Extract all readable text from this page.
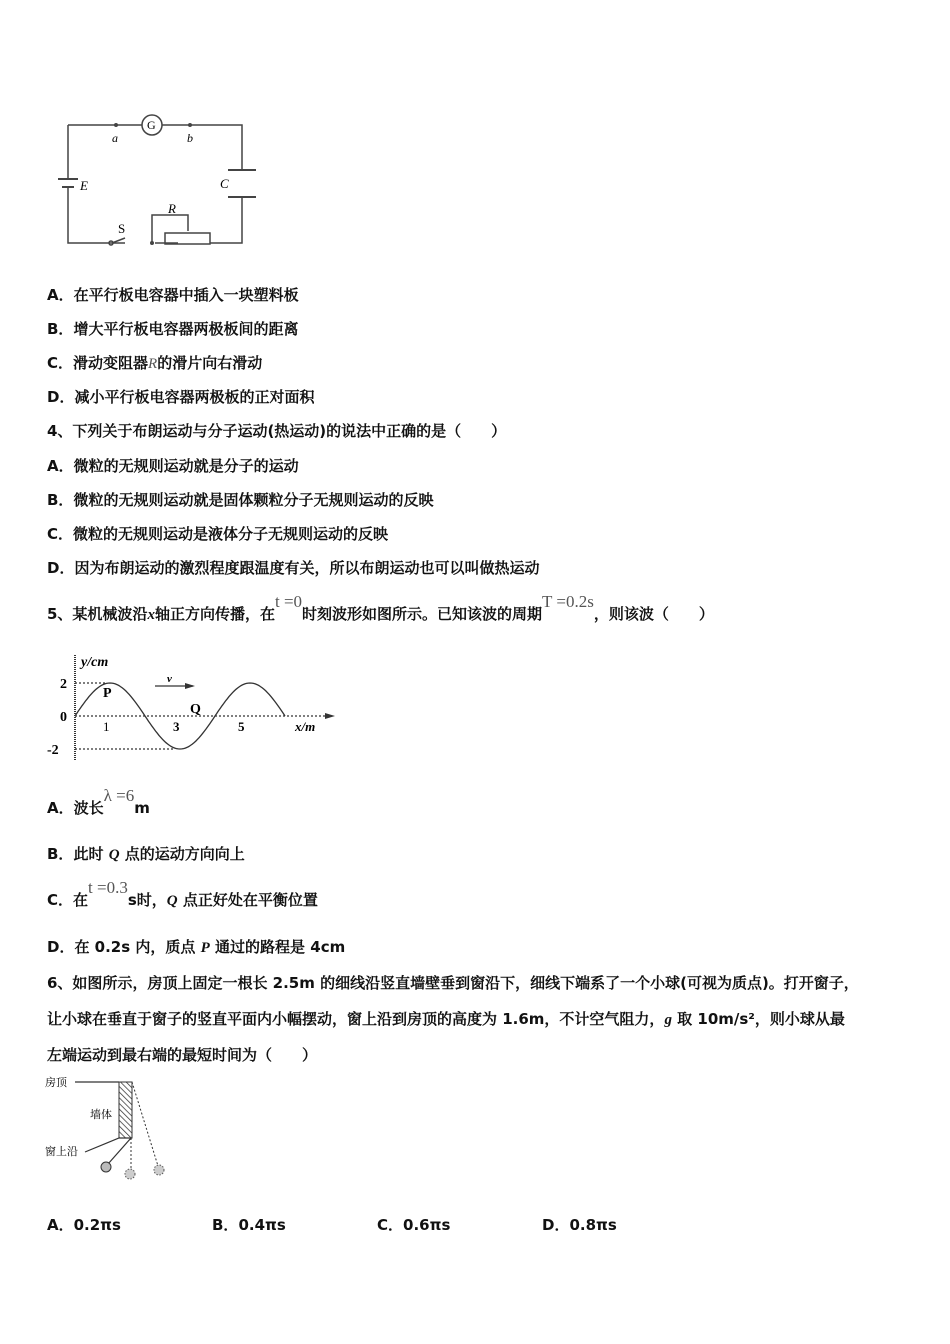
a	b
G
E	C
R
S
A．在平行板电容器中插入一块塑料板
B．增大平行板电容器两极板间的距离
C．滑动变阻器R的滑片向右滑动
D．减小平行板电容器两极板的正对面积
4、下列关于布朗运动与分子运动(热运动)的说法中正确的是（　　）
A．微粒的无规则运动就是分子的运动
B．微粒的无规则运动就是固体颗粒分子无规则运动的反映
C．微粒的无规则运动是液体分子无规则运动的反映
D．因为布朗运动的激烈程度跟温度有关，所以布朗运动也可以叫做热运动
5、某机械波沿x轴正方向传播，在t =0时刻波形如图所示。已知该波的周期T =0.2s，则该波（　　）
y/cm
x/m
v
2
0
-2
1	3	5
P
Q
A．波长λ =6m
B．此时 Q 点的运动方向向上
C．在t =0.3s时，Q 点正好处在平衡位置
D．在 0.2s 内，质点 P 通过的路程是 4cm
6、如图所示，房顶上固定一根长 2.5m 的细线沿竖直墙壁垂到窗沿下，细线下端系了一个小球(可视为质点)。打开窗子，
让小球在垂直于窗子的竖直平面内小幅摆动，窗上沿到房顶的高度为 1.6m，不计空气阻力，g 取 10m/s²，则小球从最
左端运动到最右端的最短时间为（　　）
房顶
墙体
窗上沿
A．0.2πs	B．0.4πs	C．0.6πs	D．0.8πs
